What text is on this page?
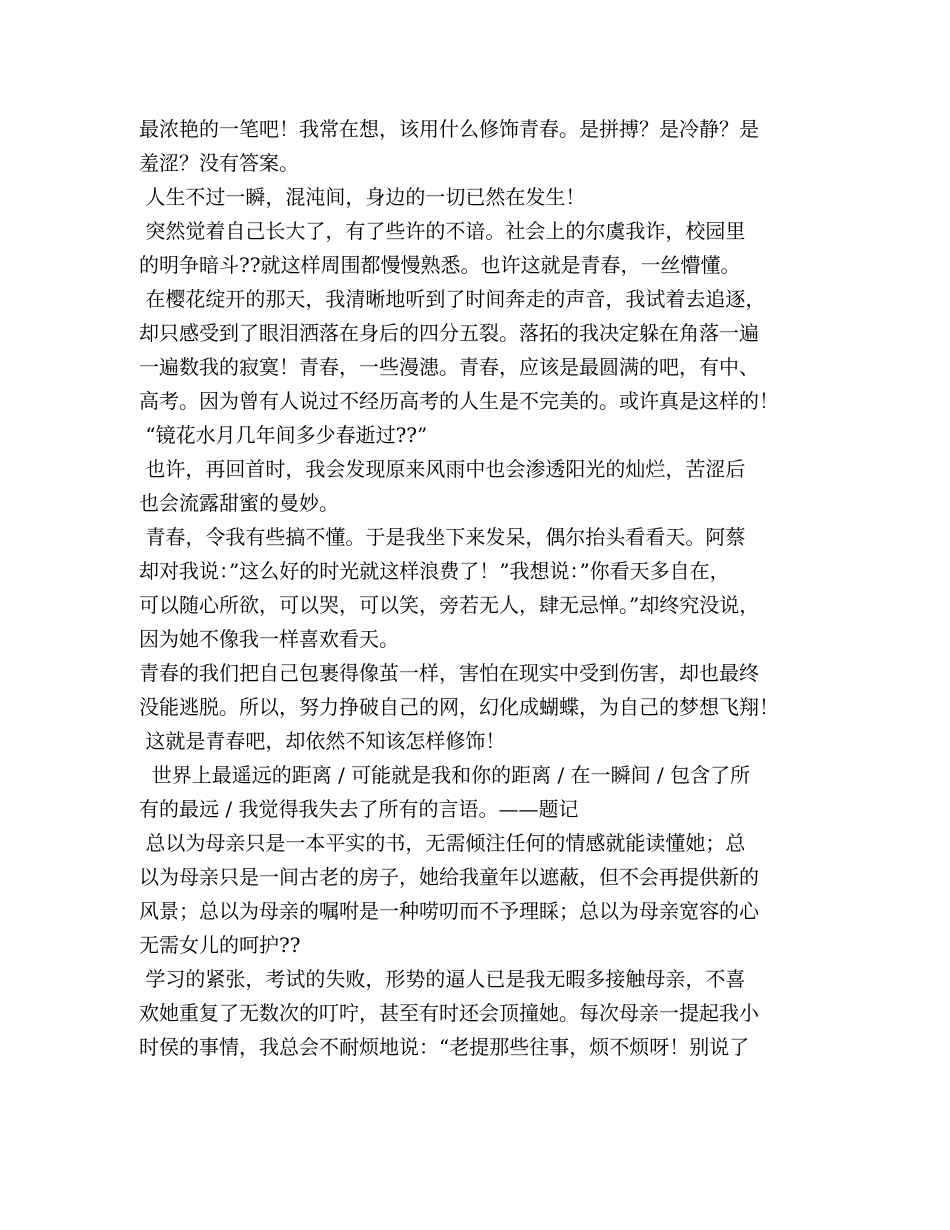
最浓艳的一笔吧！我常在想，该用什么修饰青春。是拼搏？是冷静？是
羞涩？没有答案。
人生不过一瞬，混沌间，身边的一切已然在发生！
突然觉着自己长大了，有了些许的不谙。社会上的尔虞我诈，校园里
的明争暗斗??就这样周围都慢慢熟悉。也许这就是青春，一丝懵懂。
在樱花绽开的那天，我清晰地听到了时间奔走的声音，我试着去追逐，
却只感受到了眼泪洒落在身后的四分五裂。落拓的我决定躲在角落一遍
一遍数我的寂寞！青春，一些漫漶。青春，应该是最圆满的吧，有中、
高考。因为曾有人说过不经历高考的人生是不完美的。或许真是这样的！
“镜花水月几年间多少春逝过??”
也许，再回首时，我会发现原来风雨中也会渗透阳光的灿烂，苦涩后
也会流露甜蜜的曼妙。
青春，令我有些搞不懂。于是我坐下来发呆，偶尔抬头看看天。阿蔡
却对我说：”这么好的时光就这样浪费了！”我想说：”你看天多自在，
可以随心所欲，可以哭，可以笑，旁若无人，肆无忌惮。”却终究没说，
因为她不像我一样喜欢看天。
青春的我们把自己包裹得像茧一样，害怕在现实中受到伤害，却也最终
没能逃脱。所以，努力挣破自己的网，幻化成蝴蝶，为自己的梦想飞翔！
这就是青春吧，却依然不知该怎样修饰！
世界上最遥远的距离 / 可能就是我和你的距离 / 在一瞬间 / 包含了所
有的最远 / 我觉得我失去了所有的言语。——题记
总以为母亲只是一本平实的书，无需倾注任何的情感就能读懂她；总
以为母亲只是一间古老的房子，她给我童年以遮蔽，但不会再提供新的
风景；总以为母亲的嘱咐是一种唠叨而不予理睬；总以为母亲宽容的心
无需女儿的呵护??
学习的紧张，考试的失败，形势的逼人已是我无暇多接触母亲，不喜
欢她重复了无数次的叮咛，甚至有时还会顶撞她。每次母亲一提起我小
时侯的事情，我总会不耐烦地说：“老提那些往事，烦不烦呀！别说了
